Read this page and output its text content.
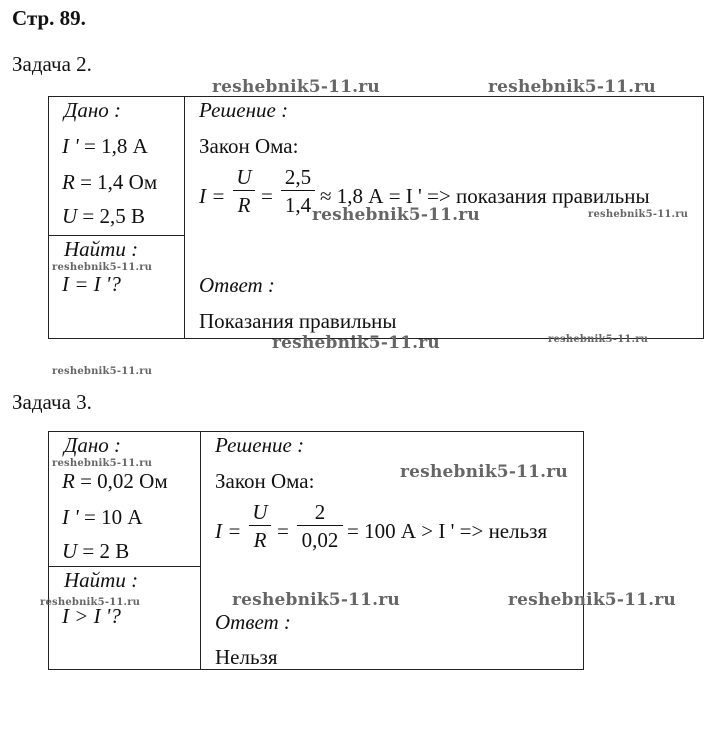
Стр. 89.
Задача 2.
Дано :
I ' = 1,8 А
R = 1,4 Ом
U = 2,5 В
Найти :
I = I '?
Решение :
Закон Ома:
I =
U
R =
2,5
1,4 ≈ 1,8 А = I ' => показания правильны
Ответ :
Показания правильны
Задача 3.
Дано :
R = 0,02 Ом
I ' = 10 А
U = 2 В
Найти :
I > I '?
Решение :
Закон Ома:
I =
U
R =
2
0,02 = 100 А > I ' => нельзя
Ответ :
Нельзя
reshebnik5-11.ru	reshebnik5-11.ru
reshebnik5-11.ru	reshebnik5-11.ru
reshebnik5-11.ru
reshebnik5-11.ru	reshebnik5-11.ru
reshebnik5-11.ru
reshebnik5-11.ru	reshebnik5-11.ru
reshebnik5-11.ru	reshebnik5-11.ru
reshebnik5-11.ru
